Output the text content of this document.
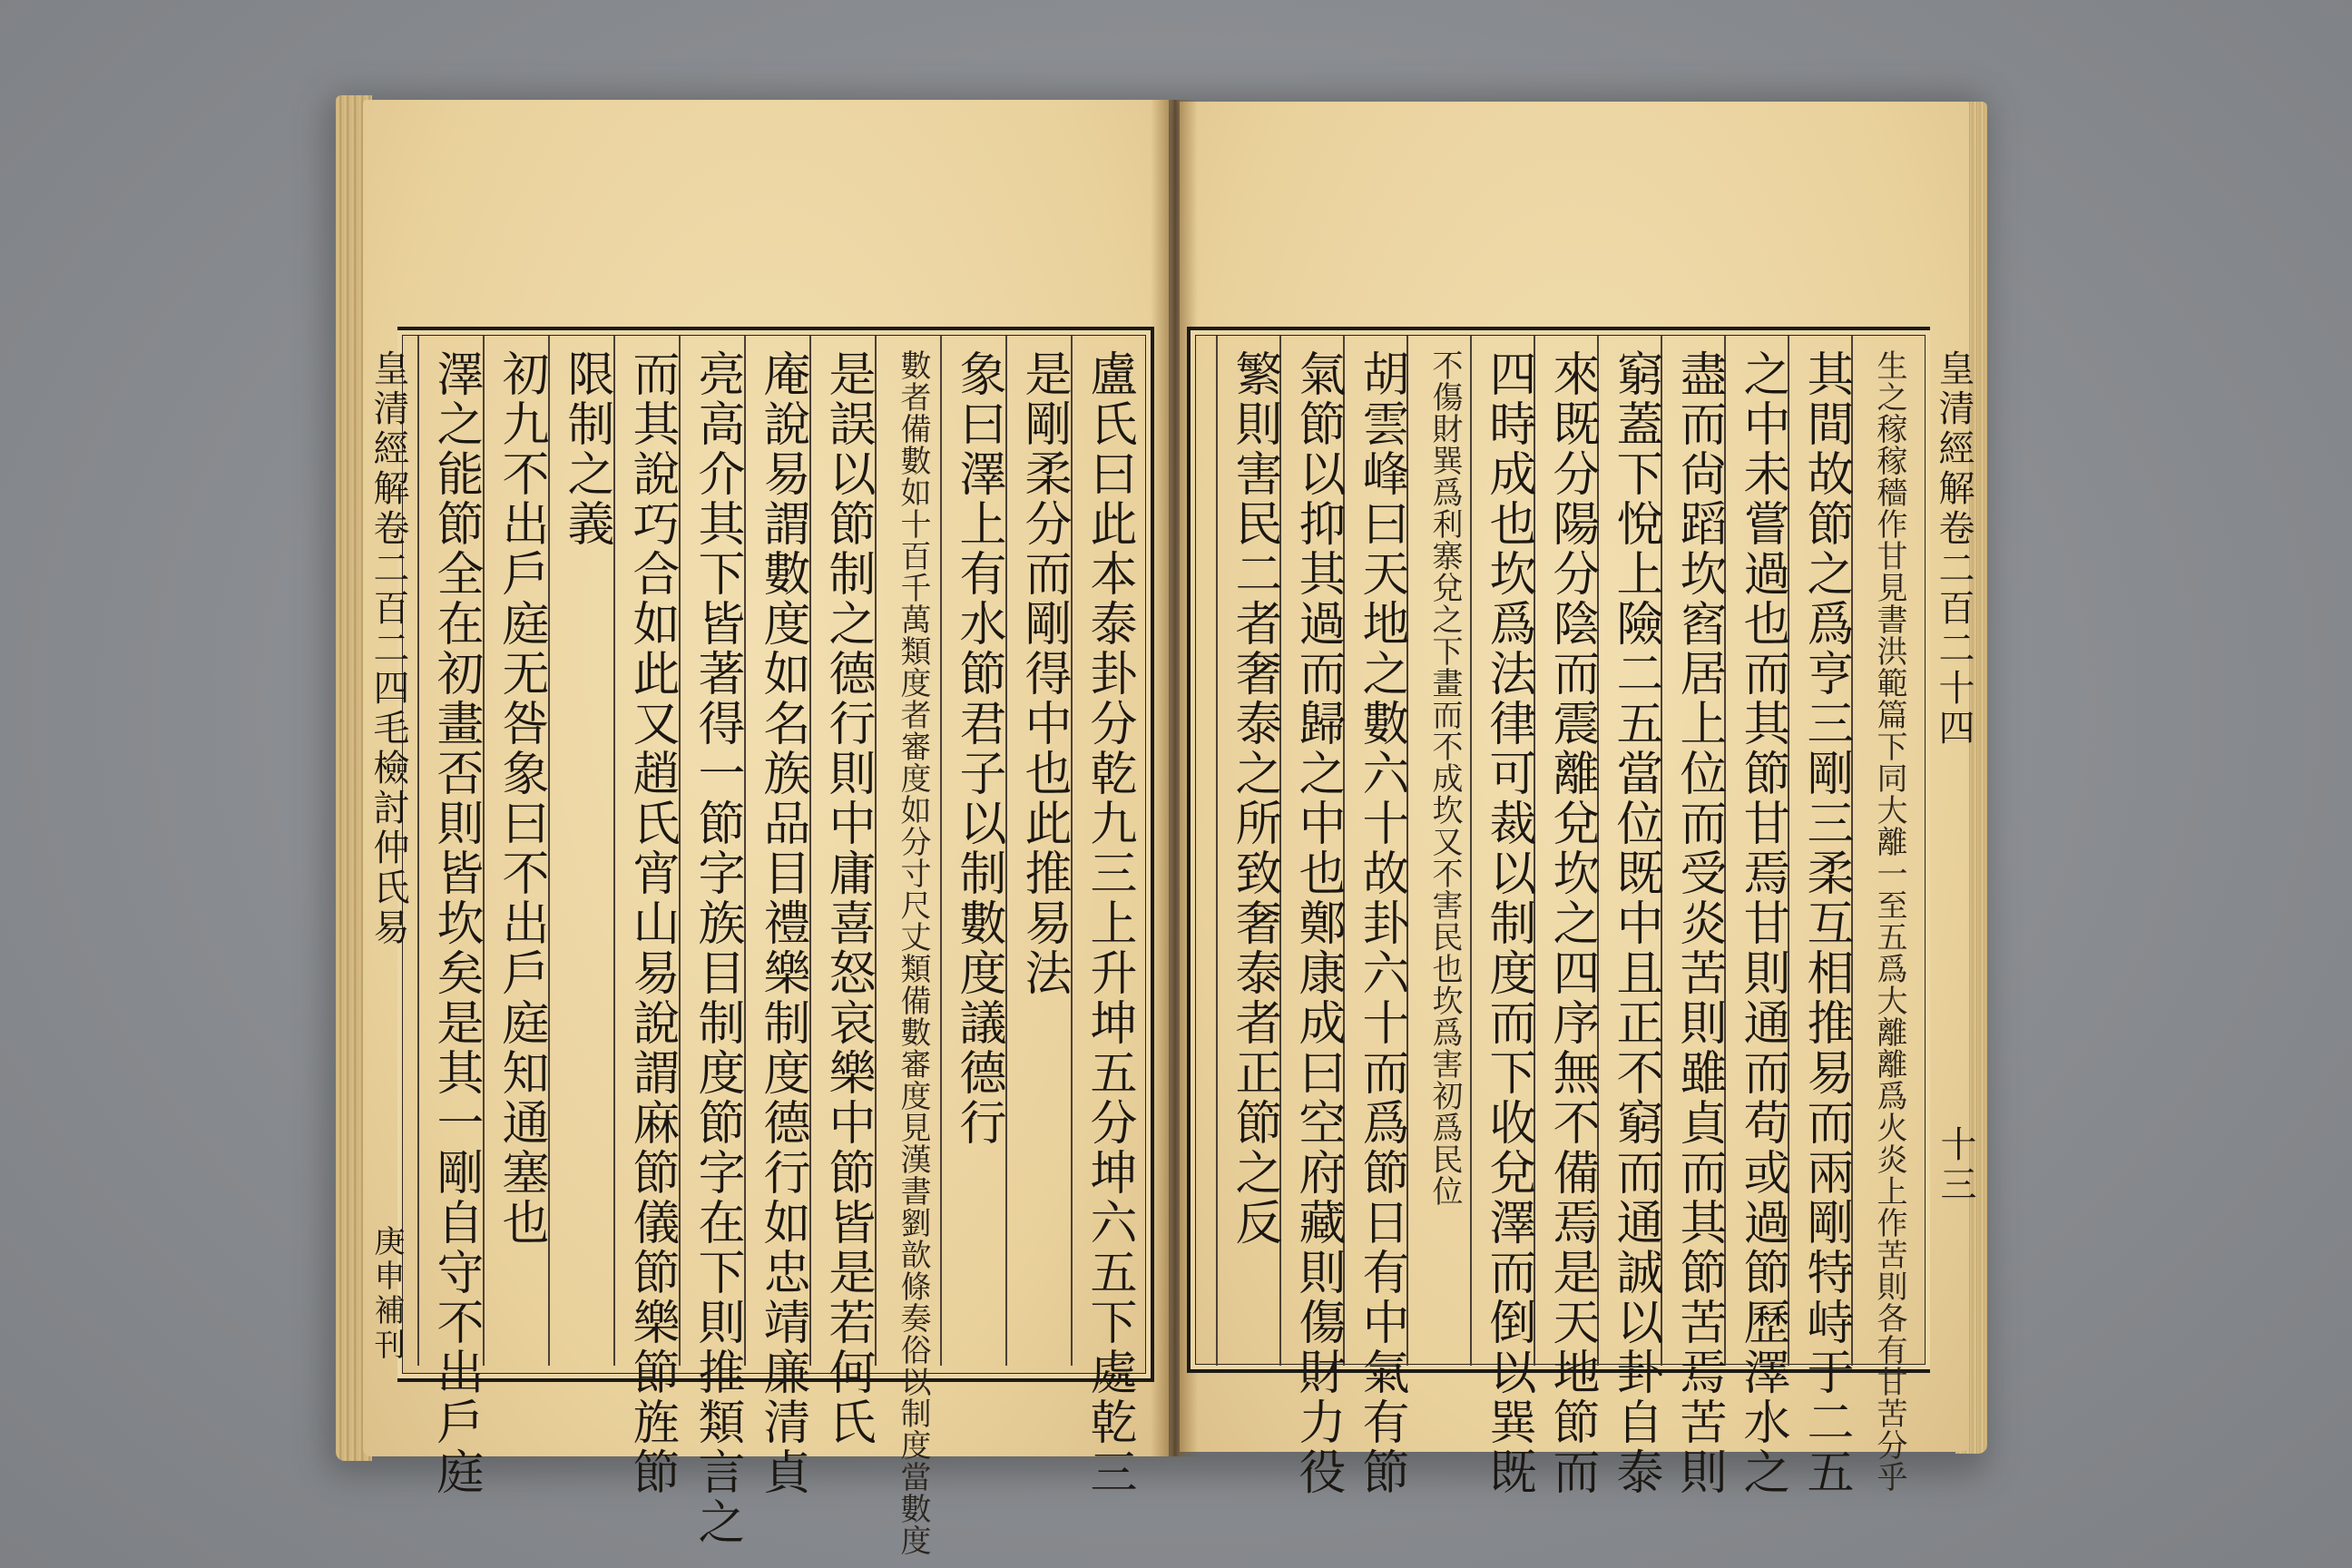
皇清經解卷二百二四毛檢討仲氏易
庚申補刊	盧氏曰此本泰卦分乾九三上升坤五分坤六五下處乾三
是剛柔分而剛得中也此推易法
象曰澤上有水節君子以制數度議德行
數者備數如十百千萬類度者審度如分寸尺丈類備數審度見漢書劉歆條奏俗以制度當數度
是誤以節制之德行則中庸喜怒哀樂中節皆是若何氏
庵說易謂數度如名族品目禮樂制度德行如忠靖廉清貞
亮高介其下皆著得一節字族目制度節字在下則推類言之
而其說巧合如此又趙氏宵山易說謂麻節儀節樂節旌節
限制之義
初九不出戶庭无咎象曰不出戶庭知通塞也
澤之能節全在初畫否則皆坎矣是其一剛自守不出戶庭	皇清經解卷二百二十四
十三
生之稼稼穡作甘見書洪範篇下同大離一至五爲大離離爲火炎上作苦則各有甘苦分乎
其間故節之爲亨三剛三柔互相推易而兩剛特峙于二五
之中未嘗過也而其節甘焉甘則通而苟或過節歷澤水之
盡而尙蹈坎窞居上位而受炎苦則雖貞而其節苦焉苦則
窮蓋下悅上險二五當位既中且正不窮而通誠以卦自泰
來既分陽分陰而震離兌坎之四序無不備焉是天地節而
四時成也坎爲法律可裁以制度而下收兌澤而倒以巽既
不傷財巽爲利寨兌之下畫而不成坎又不害民也坎爲害初爲民位
胡雲峰曰天地之數六十故卦六十而爲節日有中氣有節
氣節以抑其過而歸之中也鄭康成曰空府藏則傷財力役
繁則害民二者奢泰之所致奢泰者正節之反
